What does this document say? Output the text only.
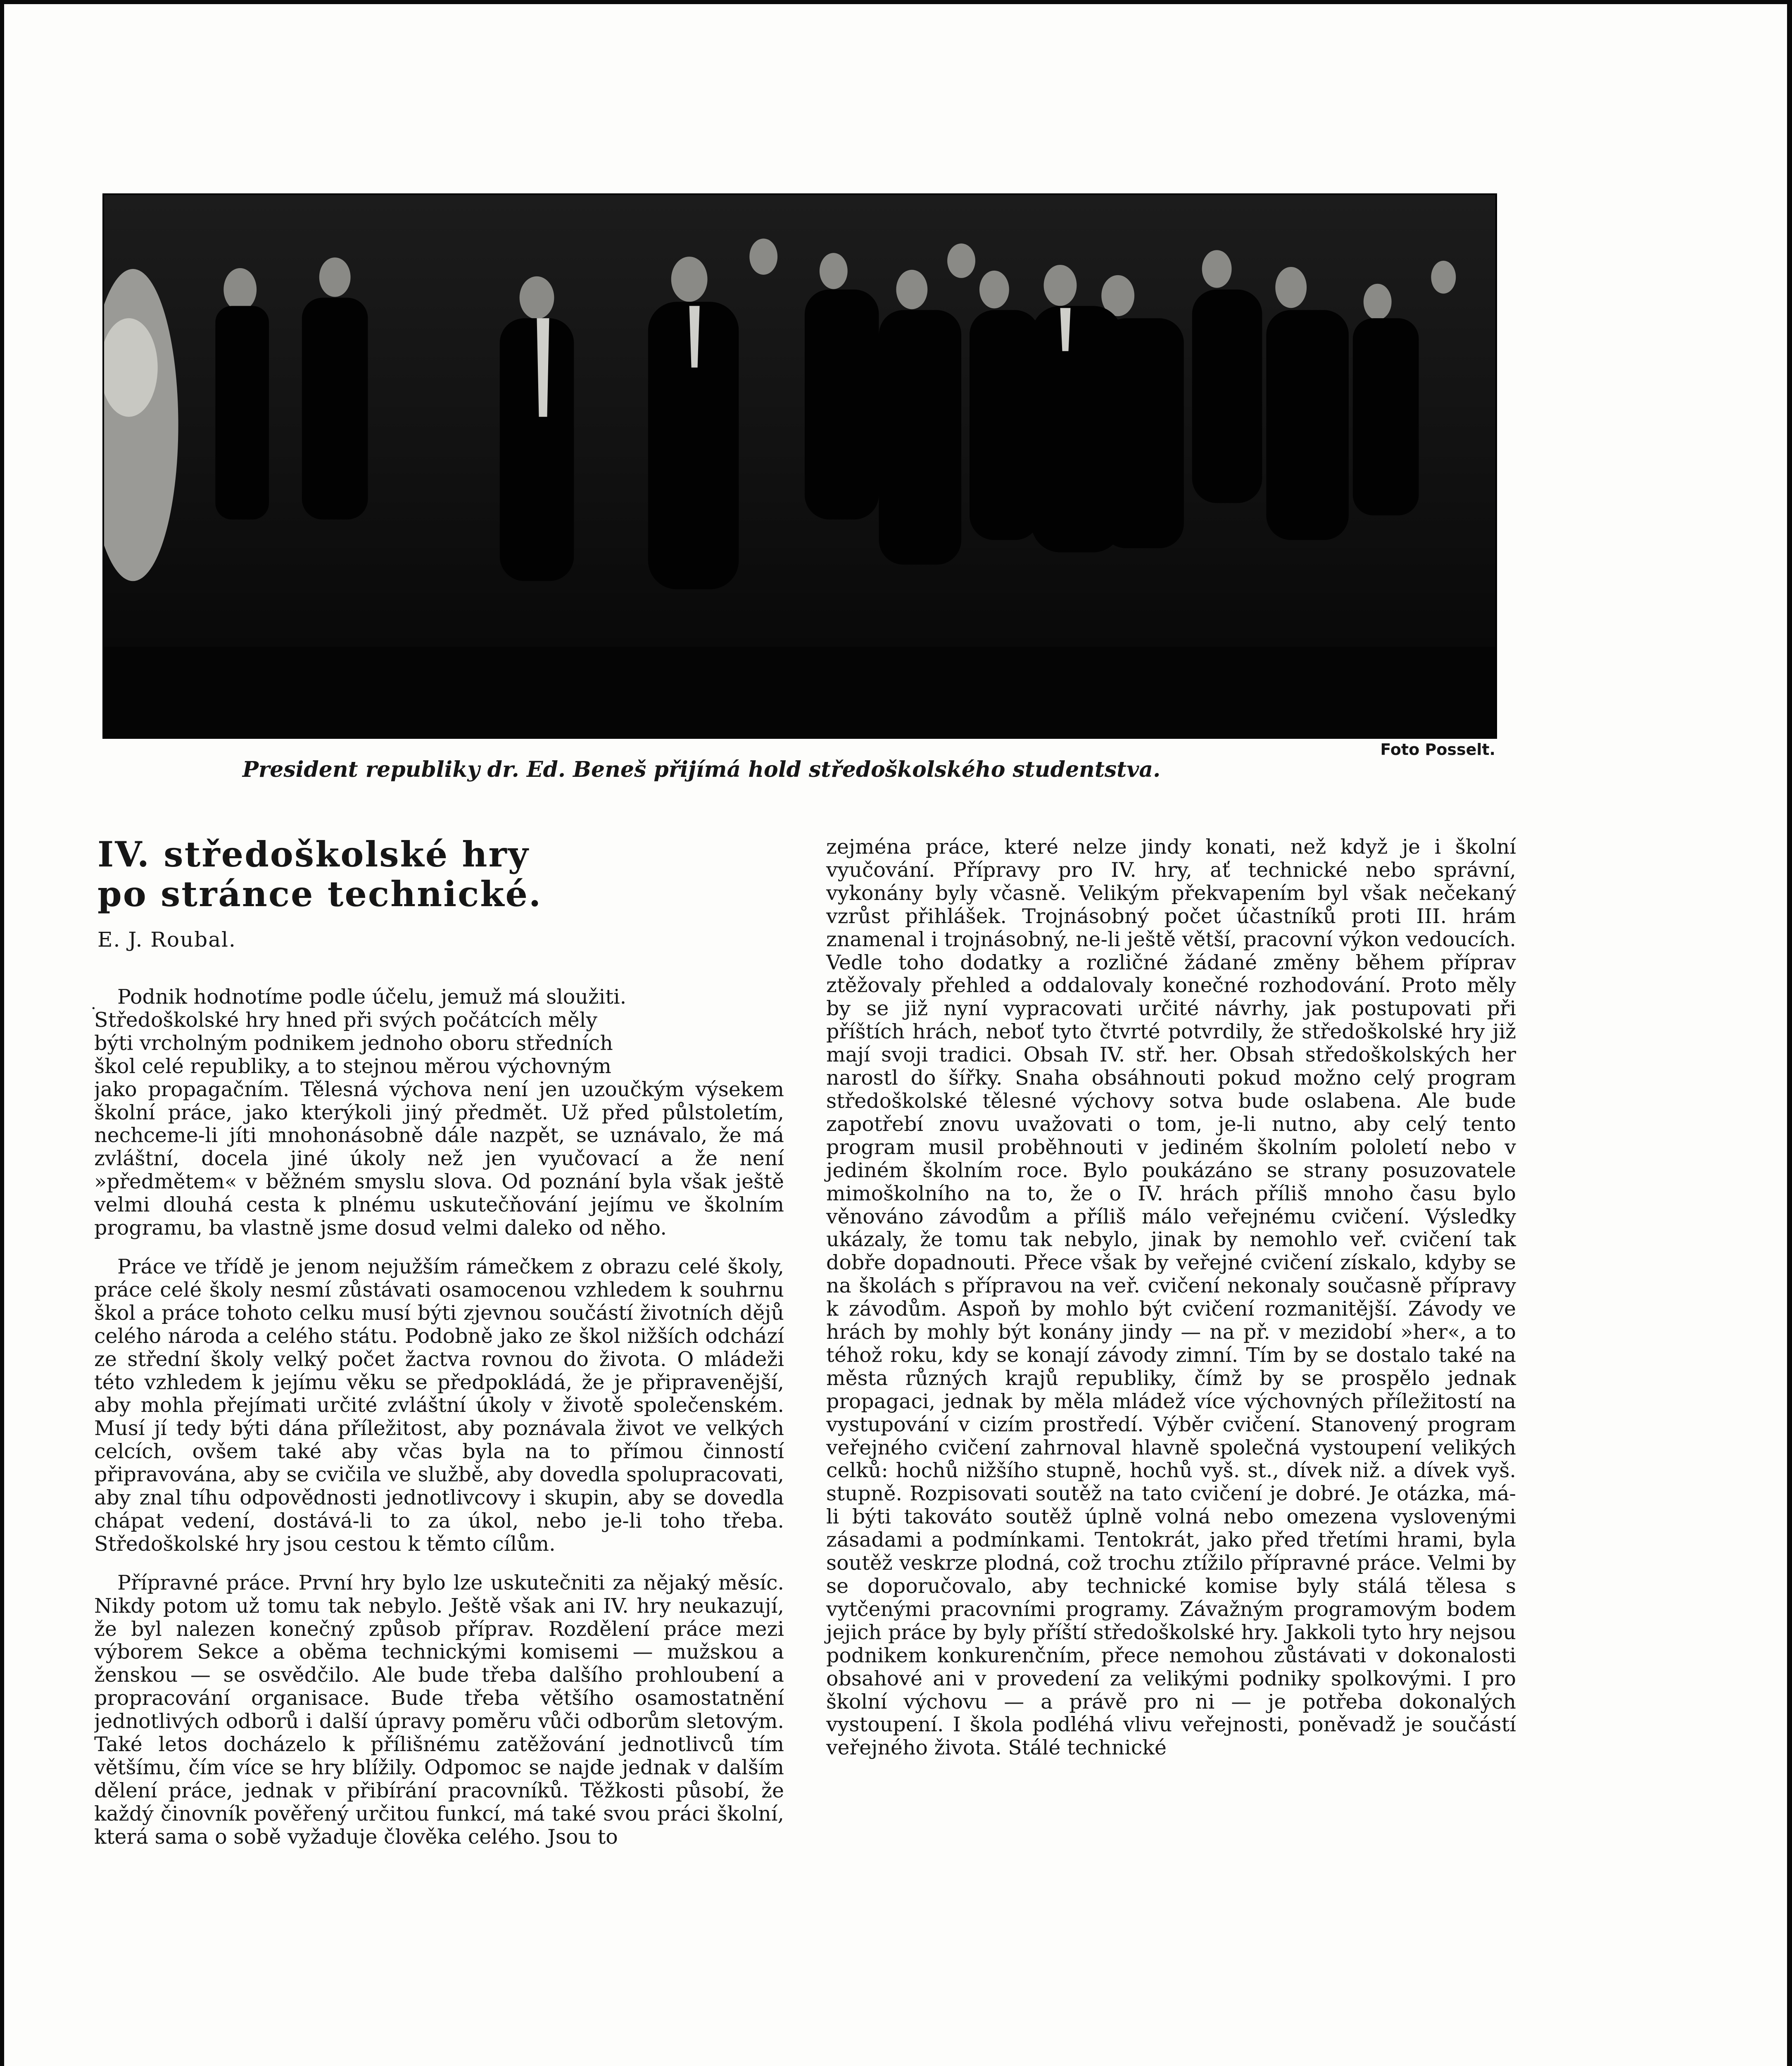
Foto Posselt.
President republiky dr. Ed. Beneš přijímá hold středoškolského studentstva.
IV. středoškolské hry
po stránce technické.
E. J. Roubal.
·	Podnik hodnotíme podle účelu, jemuž má sloužiti.
Středoškolské hry hned při svých počátcích měly
býti vrcholným podnikem jednoho oboru středních
škol celé republiky, a to stejnou měrou výchovným
jako propagačním. Tělesná výchova není jen uzoučkým výsekem školní práce, jako kterýkoli jiný předmět. Už před půlstoletím, nechceme-li jíti mnohonásobně dále nazpět, se uznávalo, že má zvláštní, docela jiné úkoly než jen vyučovací a že není »předmětem« v běžném smyslu slova. Od poznání byla však ještě velmi dlouhá cesta k plnému uskutečňování jejímu ve školním programu, ba vlastně jsme dosud velmi daleko od něho.
Práce ve třídě je jenom nejužším rámečkem z obrazu celé školy, práce celé školy nesmí zůstávati osamocenou vzhledem k souhrnu škol a práce tohoto celku musí býti zjevnou součástí životních dějů celého národa a celého státu. Podobně jako ze škol nižších odchází ze střední školy velký počet žactva rovnou do života. O mládeži této vzhledem k jejímu věku se předpokládá, že je připravenější, aby mohla přejímati určité zvláštní úkoly v životě společenském. Musí jí tedy býti dána příležitost, aby poznávala život ve velkých celcích, ovšem také aby včas byla na to přímou činností připravována, aby se cvičila ve službě, aby dovedla spolupracovati, aby znal tíhu odpovědnosti jednotlivcovy i skupin, aby se dovedla chápat vedení, dostává-li to za úkol, nebo je-li toho třeba. Středoškolské hry jsou cestou k těmto cílům.
Přípravné práce. První hry bylo lze uskutečniti za nějaký měsíc. Nikdy potom už tomu tak nebylo. Ještě však ani IV. hry neukazují, že byl nalezen konečný způsob příprav. Rozdělení práce mezi výborem Sekce a oběma technickými komisemi — mužskou a ženskou — se osvědčilo. Ale bude třeba dalšího prohloubení a propracování organisace. Bude třeba většího osamostatnění jednotlivých odborů i další úpravy poměru vůči odborům sletovým. Také letos docházelo k přílišnému zatěžování jednotlivců tím většímu, čím více se hry blížily. Odpomoc se najde jednak v dalším dělení práce, jednak v přibírání pracovníků. Těžkosti působí, že každý činovník pověřený určitou funkcí, má také svou práci školní, která sama o sobě vyžaduje člověka celého. Jsou to
zejména práce, které nelze jindy konati, než když je i školní vyučování. Přípravy pro IV. hry, ať technické nebo správní, vykonány byly včasně. Velikým překvapením byl však nečekaný vzrůst přihlášek. Trojnásobný počet účastníků proti III. hrám znamenal i trojnásobný, ne-li ještě větší, pracovní výkon vedoucích. Vedle toho dodatky a rozličné žádané změny během příprav ztěžovaly přehled a oddalovaly konečné rozhodování. Proto měly by se již nyní vypracovati určité návrhy, jak postupovati při příštích hrách, neboť tyto čtvrté potvrdily, že středoškolské hry již mají svoji tradici. Obsah IV. stř. her. Obsah středoškolských her narostl do šířky. Snaha obsáhnouti pokud možno celý program středoškolské tělesné výchovy sotva bude oslabena. Ale bude zapotřebí znovu uvažovati o tom, je-li nutno, aby celý tento program musil proběhnouti v jediném školním pololetí nebo v jediném školním roce. Bylo poukázáno se strany posuzovatele mimoškolního na to, že o IV. hrách příliš mnoho času bylo věnováno závodům a příliš málo veřejnému cvičení. Výsledky ukázaly, že tomu tak nebylo, jinak by nemohlo veř. cvičení tak dobře dopadnouti. Přece však by veřejné cvičení získalo, kdyby se na školách s přípravou na veř. cvičení nekonaly současně přípravy k závodům. Aspoň by mohlo být cvičení rozmanitější. Závody ve hrách by mohly být konány jindy — na př. v mezidobí »her«, a to téhož roku, kdy se konají závody zimní. Tím by se dostalo také na města různých krajů republiky, čímž by se prospělo jednak propagaci, jednak by měla mládež více výchovných příležitostí na vystupování v cizím prostředí. Výběr cvičení. Stanovený program veřejného cvičení zahrnoval hlavně společná vystoupení velikých celků: hochů nižšího stupně, hochů vyš. st., dívek niž. a dívek vyš. stupně. Rozpisovati soutěž na tato cvičení je dobré. Je otázka, má-li býti takováto soutěž úplně volná nebo omezena vyslovenými zásadami a podmínkami. Tentokrát, jako před třetími hrami, byla soutěž veskrze plodná, což trochu ztížilo přípravné práce. Velmi by se doporučovalo, aby technické komise byly stálá tělesa s vytčenými pracovními programy. Závažným programovým bodem jejich práce by byly příští středoškolské hry. Jakkoli tyto hry nejsou podnikem konkurenčním, přece nemohou zůstávati v dokonalosti obsahové ani v provedení za velikými podniky spolkovými. I pro školní výchovu — a právě pro ni — je potřeba dokonalých vystoupení. I škola podléhá vlivu veřejnosti, poněvadž je součástí veřejného života. Stálé technické
